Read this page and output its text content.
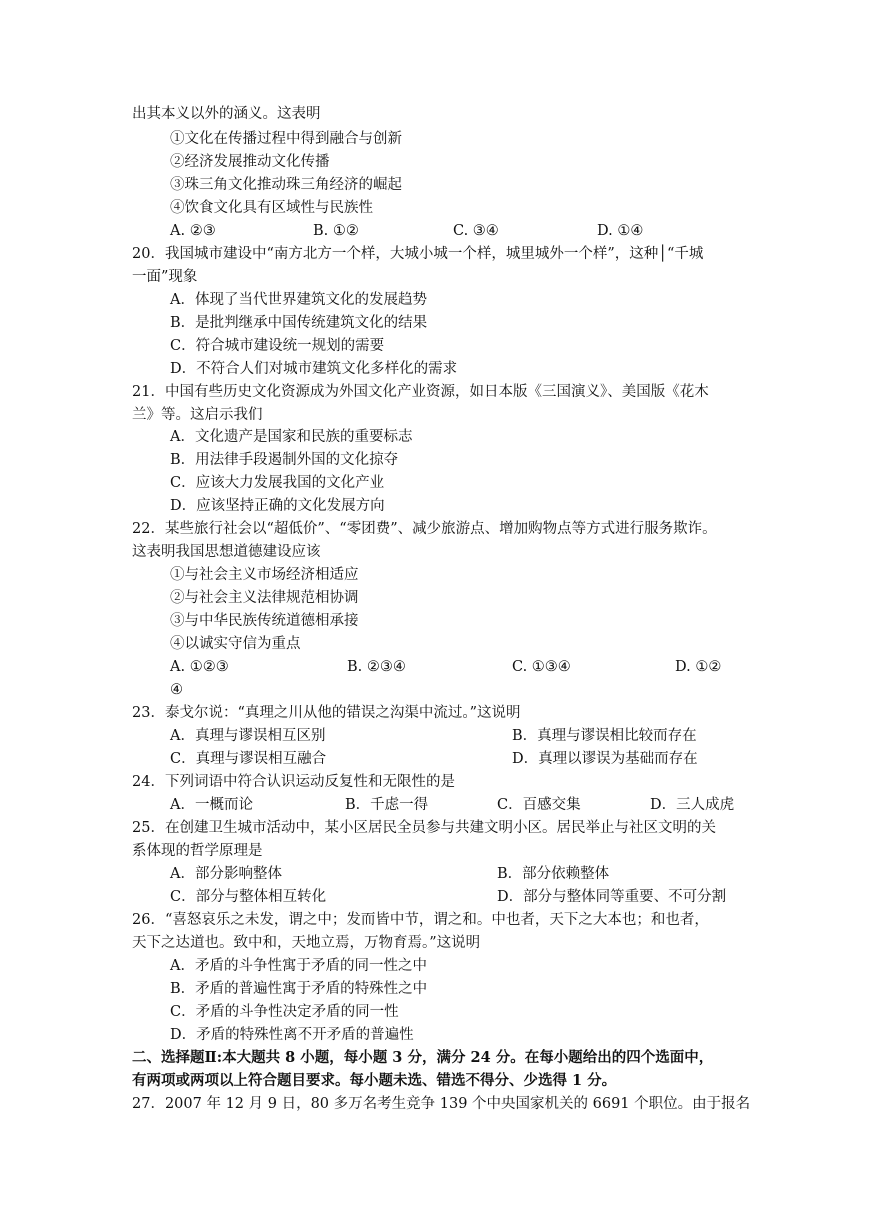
出其本义以外的涵义。这表明
①文化在传播过程中得到融合与创新
②经济发展推动文化传播
③珠三角文化推动珠三角经济的崛起
④饮食文化具有区域性与民族性
A. ②③	B. ①②	C. ③④	D. ①④
20．我国城市建设中“南方北方一个样，大城小城一个样，城里城外一个样”，这种│“千城
一面”现象
A．体现了当代世界建筑文化的发展趋势
B．是批判继承中国传统建筑文化的结果
C．符合城市建设统一规划的需要
D．不符合人们对城市建筑文化多样化的需求
21．中国有些历史文化资源成为外国文化产业资源，如日本版《三国演义》、美国版《花木
兰》等。这启示我们
A．文化遗产是国家和民族的重要标志
B．用法律手段遏制外国的文化掠夺
C．应该大力发展我国的文化产业
D．应该坚持正确的文化发展方向
22．某些旅行社会以“超低价”、“零团费”、减少旅游点、增加购物点等方式进行服务欺诈。
这表明我国思想道德建设应该
①与社会主义市场经济相适应
②与社会主义法律规范相协调
③与中华民族传统道德相承接
④以诚实守信为重点
A. ①②③	B. ②③④	C. ①③④	D. ①②
④
23．泰戈尔说：“真理之川从他的错误之沟渠中流过。”这说明
A．真理与谬误相互区别	B．真理与谬误相比较而存在
C．真理与谬误相互融合	D．真理以谬误为基础而存在
24．下列词语中符合认识运动反复性和无限性的是
A．一概而论	B．千虑一得	C．百感交集	D．三人成虎
25．在创建卫生城市活动中，某小区居民全员参与共建文明小区。居民举止与社区文明的关
系体现的哲学原理是
A．部分影响整体	B．部分依赖整体
C．部分与整体相互转化	D．部分与整体同等重要、不可分割
26．“喜怒哀乐之未发，谓之中；发而皆中节，谓之和。中也者，天下之大本也；和也者，
天下之达道也。致中和，天地立焉，万物育焉。”这说明
A．矛盾的斗争性寓于矛盾的同一性之中
B．矛盾的普遍性寓于矛盾的特殊性之中
C．矛盾的斗争性决定矛盾的同一性
D．矛盾的特殊性离不开矛盾的普遍性
二、选择题Ⅱ:本大题共 8 小题，每小题 3 分，满分 24 分。在每小题给出的四个选面中，
有两项或两项以上符合题目要求。每小题未选、错选不得分、少选得 1 分。
27．2007 年 12 月 9 日，80 多万名考生竞争 139 个中央国家机关的 6691 个职位。由于报名
